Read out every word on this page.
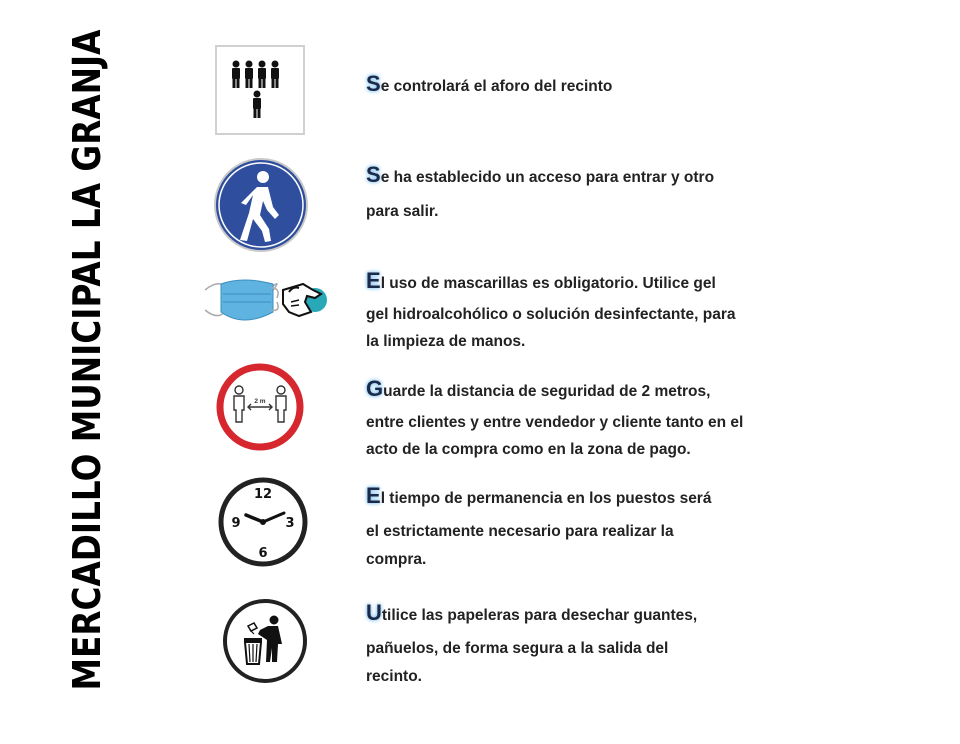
MERCADILLO MUNICIPAL LA GRANJA	Se controlará el aforo del recinto
Se ha establecido un acceso para entrar y otro
para salir.
El uso de mascarillas es obligatorio. Utilice gel
gel hidroalcohólico o solución desinfectante, para
la limpieza de manos.
2 m
Guarde la distancia de seguridad de 2 metros,
entre clientes y entre vendedor y cliente tanto en el
acto de la compra como en la zona de pago.
12
3
6
9
El tiempo de permanencia en los puestos será
el estrictamente necesario para realizar la
compra.
Utilice las papeleras para desechar guantes,
pañuelos, de forma segura a la salida del
recinto.
